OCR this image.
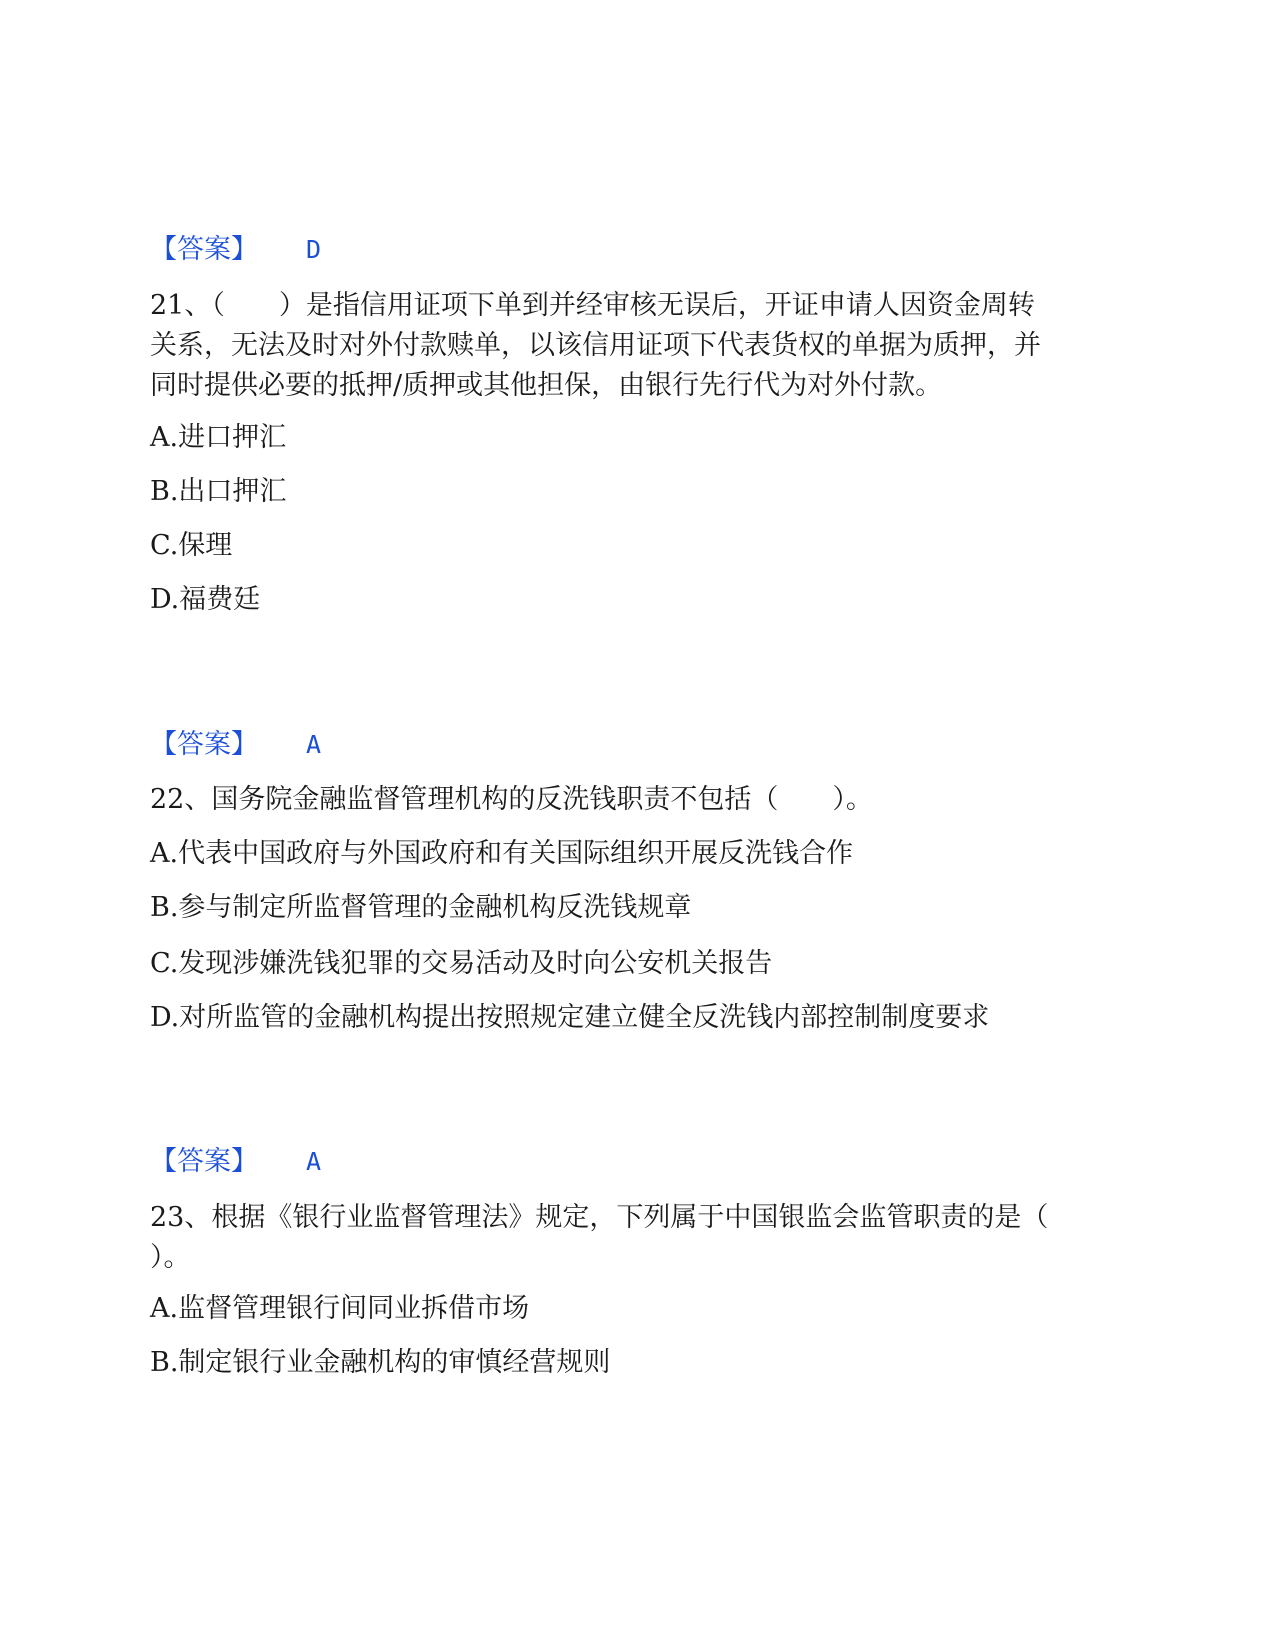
【答案】 D
21、（　　）是指信用证项下单到并经审核无误后，开证申请人因资金周转
关系，无法及时对外付款赎单，以该信用证项下代表货权的单据为质押，并
同时提供必要的抵押/质押或其他担保，由银行先行代为对外付款。
A.进口押汇
B.出口押汇
C.保理
D.福费廷
【答案】 A
22、国务院金融监督管理机构的反洗钱职责不包括（　　）。
A.代表中国政府与外国政府和有关国际组织开展反洗钱合作
B.参与制定所监督管理的金融机构反洗钱规章
C.发现涉嫌洗钱犯罪的交易活动及时向公安机关报告
D.对所监管的金融机构提出按照规定建立健全反洗钱内部控制制度要求
【答案】 A
23、根据《银行业监督管理法》规定，下列属于中国银监会监管职责的是（
）。
A.监督管理银行间同业拆借市场
B.制定银行业金融机构的审慎经营规则
